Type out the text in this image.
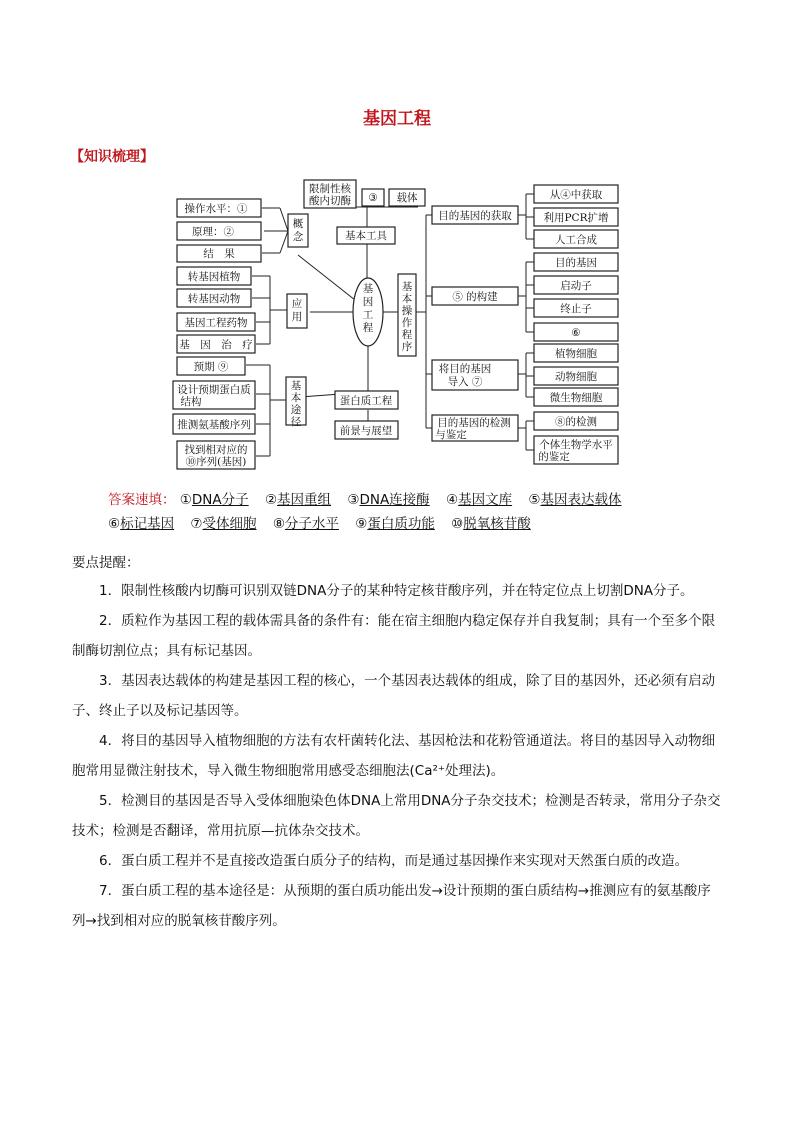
基因工程
【知识梳理】
基因工程
限制性核
酸内切酶 ③ 载体
基本工具
操作水平：①
原理：②
结　果
概念
转基因植物
转基因动物
基因工程药物
基　因　治　疗
应用
预期 ⑨
设计预期蛋白质
结构
推测氨基酸序列
找到相对应的
⑩序列(基因)
基本途径
蛋白质工程
前景与展望
基本操作程序
目的基因的获取
⑤ 的构建
将目的基因
导入 ⑦
目的基因的检测
与鉴定
从④中获取
利用PCR扩增
人工合成
目的基因
启动子
终止子
⑥
植物细胞
动物细胞
微生物细胞
⑧的检测
个体生物学水平
的鉴定
答案速填： ①DNA分子 ②基因重组 ③DNA连接酶 ④基因文库 ⑤基因表达载体
⑥标记基因 ⑦受体细胞 ⑧分子水平 ⑨蛋白质功能 ⑩脱氧核苷酸
要点提醒：

1．限制性核酸内切酶可识别双链DNA分子的某种特定核苷酸序列，并在特定位点上切割DNA分子。

2．质粒作为基因工程的载体需具备的条件有：能在宿主细胞内稳定保存并自我复制；具有一个至多个限制酶切割位点；具有标记基因。

3．基因表达载体的构建是基因工程的核心，一个基因表达载体的组成，除了目的基因外，还必须有启动子、终止子以及标记基因等。

4．将目的基因导入植物细胞的方法有农杆菌转化法、基因枪法和花粉管通道法。将目的基因导入动物细胞常用显微注射技术，导入微生物细胞常用感受态细胞法(Ca²⁺处理法)。

5．检测目的基因是否导入受体细胞染色体DNA上常用DNA分子杂交技术；检测是否转录，常用分子杂交技术；检测是否翻译，常用抗原—抗体杂交技术。

6．蛋白质工程并不是直接改造蛋白质分子的结构，而是通过基因操作来实现对天然蛋白质的改造。

7．蛋白质工程的基本途径是：从预期的蛋白质功能出发→设计预期的蛋白质结构→推测应有的氨基酸序列→找到相对应的脱氧核苷酸序列。
